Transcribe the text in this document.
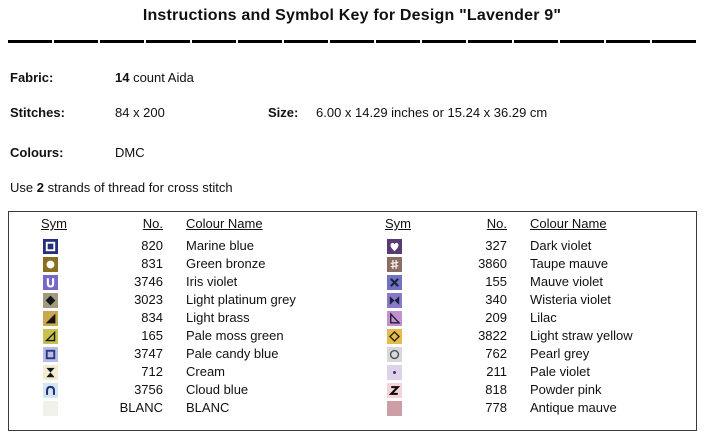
Instructions and Symbol Key for Design "Lavender 9"
Fabric:	14 count Aida
Stitches:	84 x 200	Size: 6.00 x 14.29 inches or 15.24 x 36.29 cm
Colours:	DMC
Use 2 strands of thread for cross stitch
Sym	No. Colour Name
820 Marine blue
831 Green bronze
3746 Iris violet
3023 Light platinum grey
834 Light brass
165 Pale moss green
3747 Pale candy blue
712 Cream
3756 Cloud blue
BLANC BLANC
Sym	No. Colour Name
327 Dark violet
3860 Taupe mauve
155 Mauve violet
340 Wisteria violet
209 Lilac
3822 Light straw yellow
762 Pearl grey
211 Pale violet
818 Powder pink
778 Antique mauve
